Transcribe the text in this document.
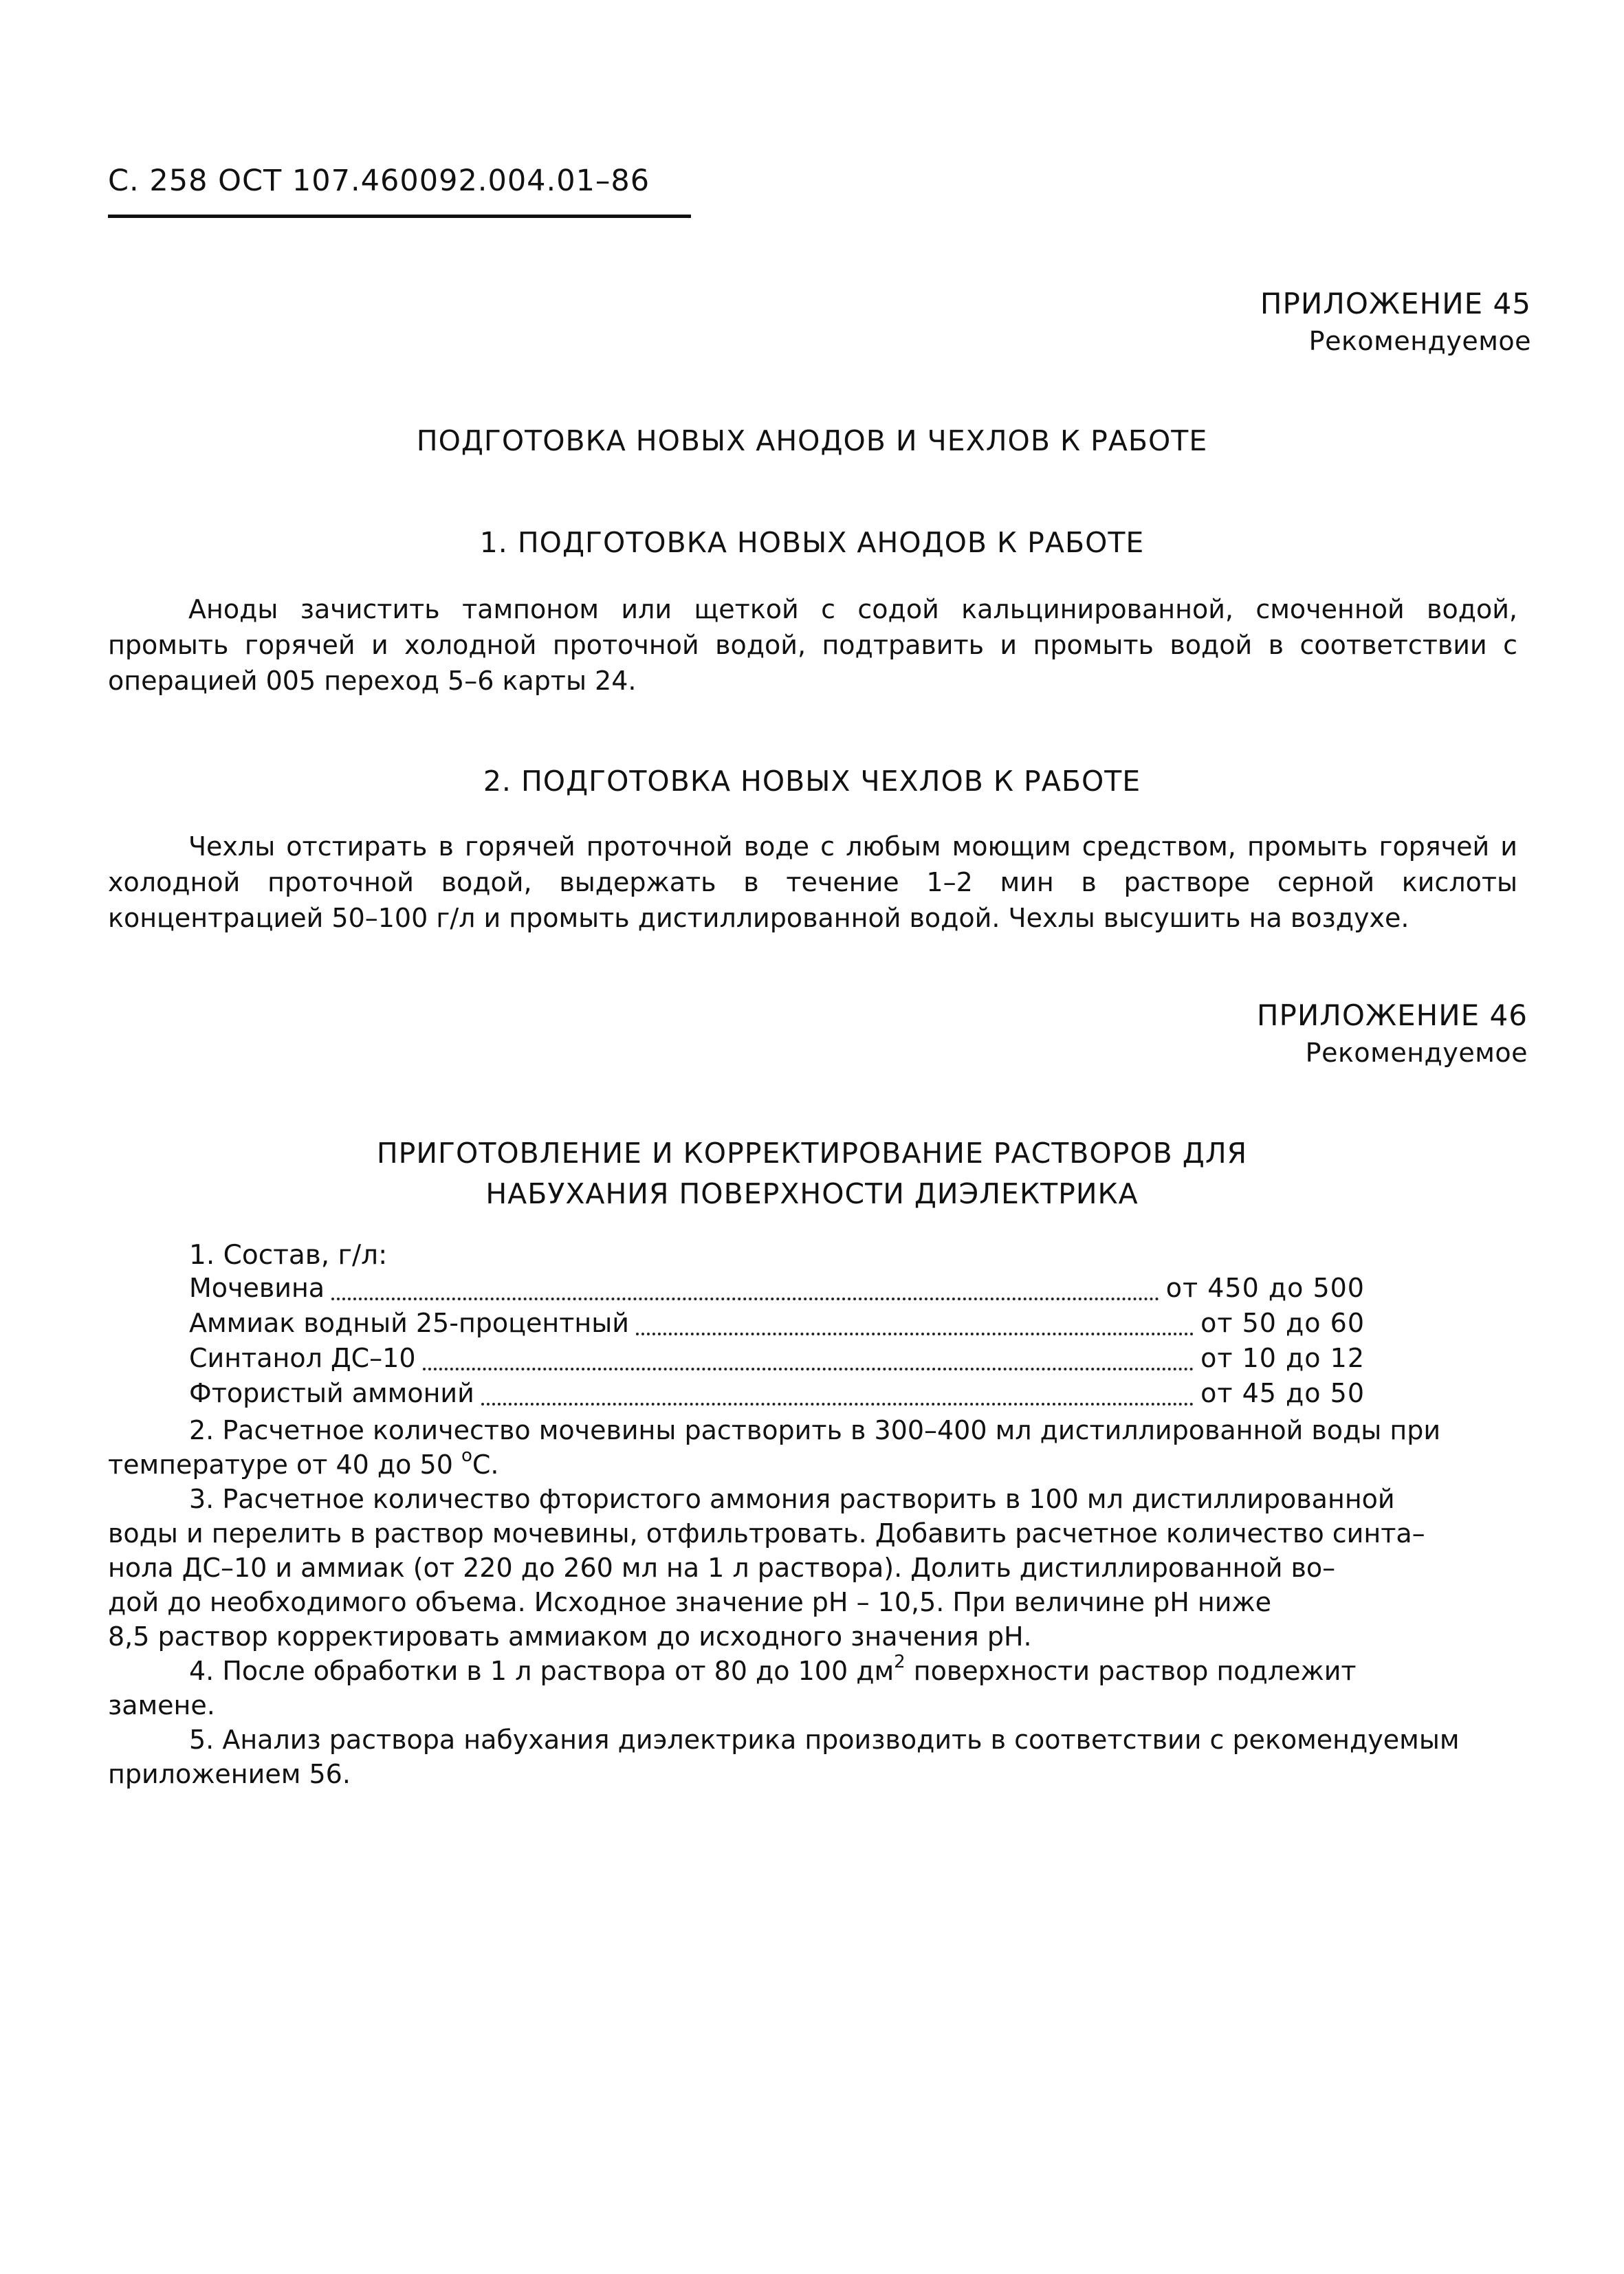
С. 258 ОСТ 107.460092.004.01–86
ПРИЛОЖЕНИЕ 45
Рекомендуемое
ПОДГОТОВКА НОВЫХ АНОДОВ И ЧЕХЛОВ К РАБОТЕ
1. ПОДГОТОВКА НОВЫХ АНОДОВ К РАБОТЕ
Аноды зачистить тампоном или щеткой с содой кальцинированной, смоченной водой, промыть горячей и холодной проточной водой, подтравить и промыть водой в соответствии с операцией 005 переход 5–6 карты 24.
2. ПОДГОТОВКА НОВЫХ ЧЕХЛОВ К РАБОТЕ
Чехлы отстирать в горячей проточной воде с любым моющим средством, промыть горячей и холодной проточной водой, выдержать в течение 1–2 мин в растворе серной кислоты концентрацией 50–100 г/л и промыть дистиллированной водой. Чехлы высушить на воздухе.
ПРИЛОЖЕНИЕ 46
Рекомендуемое
ПРИГОТОВЛЕНИЕ И КОРРЕКТИРОВАНИЕ РАСТВОРОВ ДЛЯ
НАБУХАНИЯ ПОВЕРХНОСТИ ДИЭЛЕКТРИКА
1. Состав, г/л:
Мочевина	от 450 до 500
Аммиак водный 25-процентный	от 50 до 60
Синтанол ДС–10	от 10 до 12
Фтористый аммоний	от 45 до 50
2. Расчетное количество мочевины растворить в 300–400 мл дистиллированной воды при температуре от 40 до 50 $^о$С.
3. Расчетное количество фтористого аммония растворить в 100 мл дистиллированной
воды и перелить в раствор мочевины, отфильтровать. Добавить расчетное количество синта–
нола ДС–10 и аммиак (от 220 до 260 мл на 1 л раствора). Долить дистиллированной во–
дой до необходимого объема. Исходное значение рН – 10,5. При величине рН ниже
8,5 раствор корректировать аммиаком до исходного значения рН.
4. После обработки в 1 л раствора от 80 до 100 $дм^2$ поверхности раствор подлежит
замене.
5. Анализ раствора набухания диэлектрика производить в соответствии с рекомендуемым
приложением 56.
